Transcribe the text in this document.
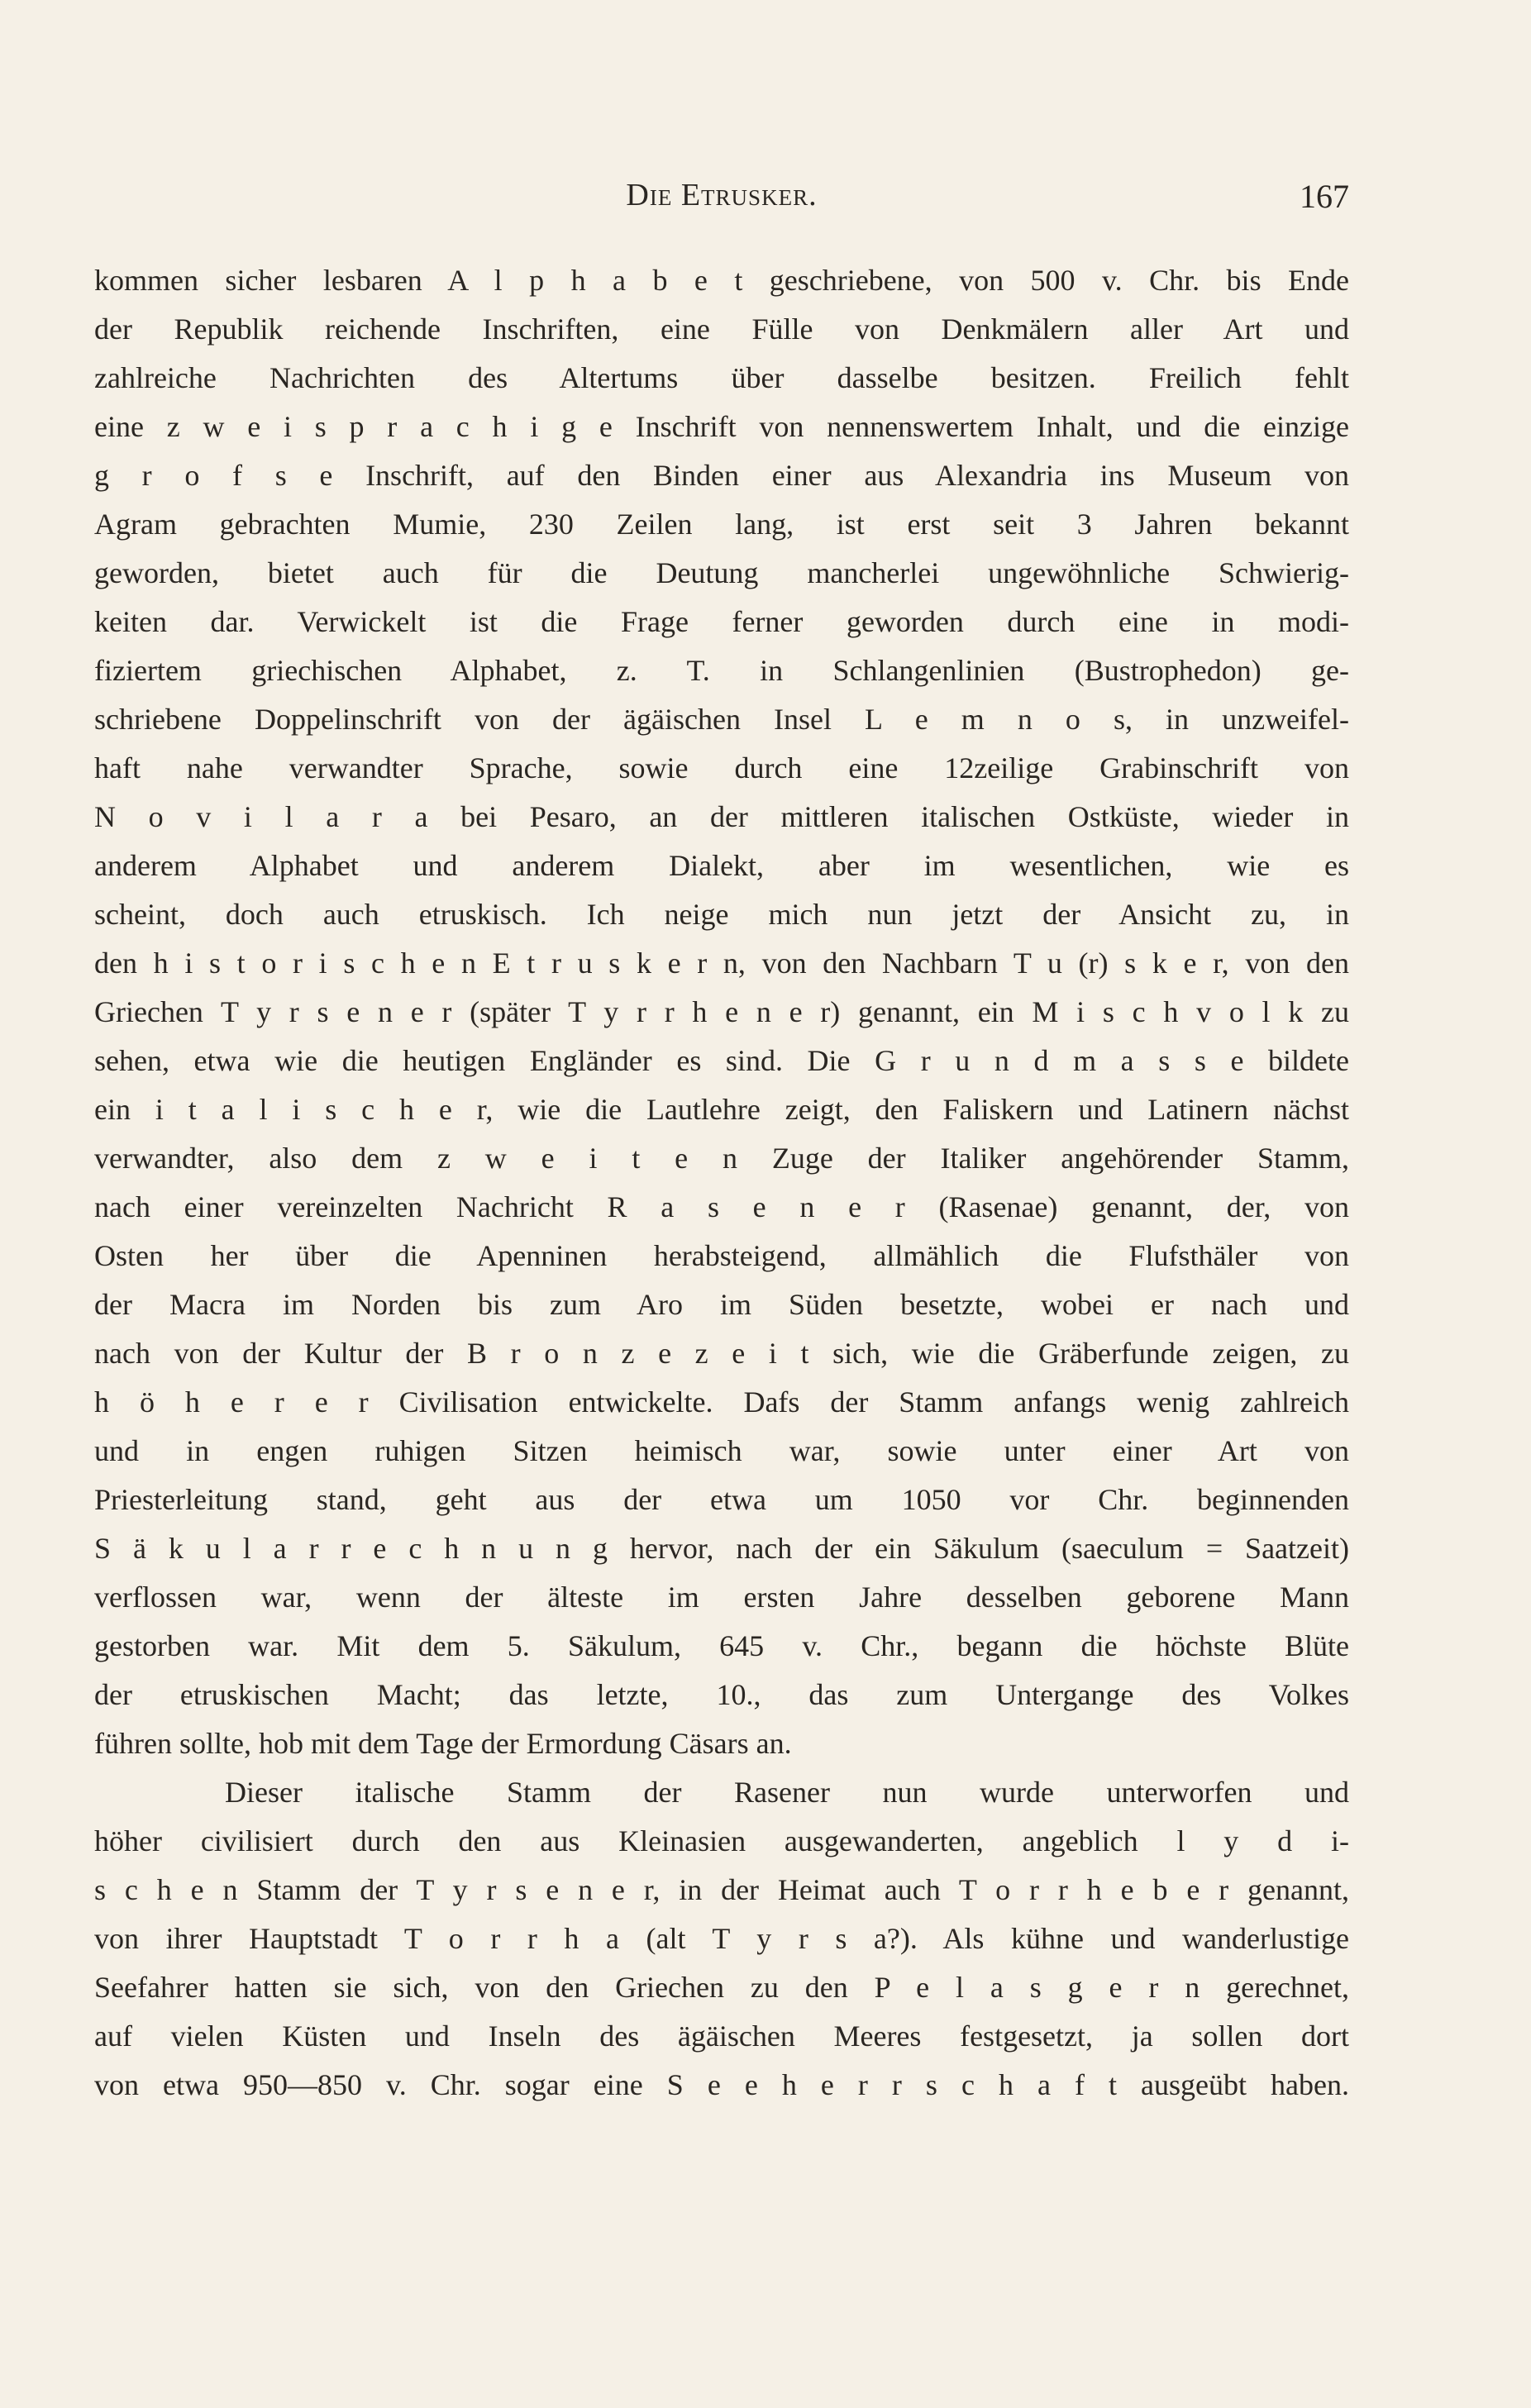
Die Etrusker.	167
kommen sicher lesbaren A l p h a b e t geschriebene, von 500 v. Chr. bis Ende
der Republik reichende Inschriften, eine Fülle von Denkmälern aller Art und
zahlreiche Nachrichten des Altertums über dasselbe besitzen. Freilich fehlt
eine z w e i s p r a c h i g e Inschrift von nennenswertem Inhalt, und die einzige
g r o f s e Inschrift, auf den Binden einer aus Alexandria ins Museum von
Agram gebrachten Mumie, 230 Zeilen lang, ist erst seit 3 Jahren bekannt
geworden, bietet auch für die Deutung mancherlei ungewöhnliche Schwierig-
keiten dar. Verwickelt ist die Frage ferner geworden durch eine in modi-
fiziertem griechischen Alphabet, z. T. in Schlangenlinien (Bustrophedon) ge-
schriebene Doppelinschrift von der ägäischen Insel L e m n o s, in unzweifel-
haft nahe verwandter Sprache, sowie durch eine 12zeilige Grabinschrift von
N o v i l a r a bei Pesaro, an der mittleren italischen Ostküste, wieder in
anderem Alphabet und anderem Dialekt, aber im wesentlichen, wie es
scheint, doch auch etruskisch. Ich neige mich nun jetzt der Ansicht zu, in
den h i s t o r i s c h e n E t r u s k e r n, von den Nachbarn T u (r) s k e r, von den
Griechen T y r s e n e r (später T y r r h e n e r) genannt, ein M i s c h v o l k zu
sehen, etwa wie die heutigen Engländer es sind. Die G r u n d m a s s e bildete
ein i t a l i s c h e r, wie die Lautlehre zeigt, den Faliskern und Latinern nächst
verwandter, also dem z w e i t e n Zuge der Italiker angehörender Stamm,
nach einer vereinzelten Nachricht R a s e n e r (Rasenae) genannt, der, von
Osten her über die Apenninen herabsteigend, allmählich die Flufsthäler von
der Macra im Norden bis zum Aro im Süden besetzte, wobei er nach und
nach von der Kultur der B r o n z e z e i t sich, wie die Gräberfunde zeigen, zu
h ö h e r e r Civilisation entwickelte. Dafs der Stamm anfangs wenig zahlreich
und in engen ruhigen Sitzen heimisch war, sowie unter einer Art von
Priesterleitung stand, geht aus der etwa um 1050 vor Chr. beginnenden
S ä k u l a r r e c h n u n g hervor, nach der ein Säkulum (saeculum = Saatzeit)
verflossen war, wenn der älteste im ersten Jahre desselben geborene Mann
gestorben war. Mit dem 5. Säkulum, 645 v. Chr., begann die höchste Blüte
der etruskischen Macht; das letzte, 10., das zum Untergange des Volkes
führen sollte, hob mit dem Tage der Ermordung Cäsars an.
Dieser italische Stamm der Rasener nun wurde unterworfen und
höher civilisiert durch den aus Kleinasien ausgewanderten, angeblich l y d i-
s c h e n Stamm der T y r s e n e r, in der Heimat auch T o r r h e b e r genannt,
von ihrer Hauptstadt T o r r h a (alt T y r s a?). Als kühne und wanderlustige
Seefahrer hatten sie sich, von den Griechen zu den P e l a s g e r n gerechnet,
auf vielen Küsten und Inseln des ägäischen Meeres festgesetzt, ja sollen dort
von etwa 950—850 v. Chr. sogar eine S e e h e r r s c h a f t ausgeübt haben.
